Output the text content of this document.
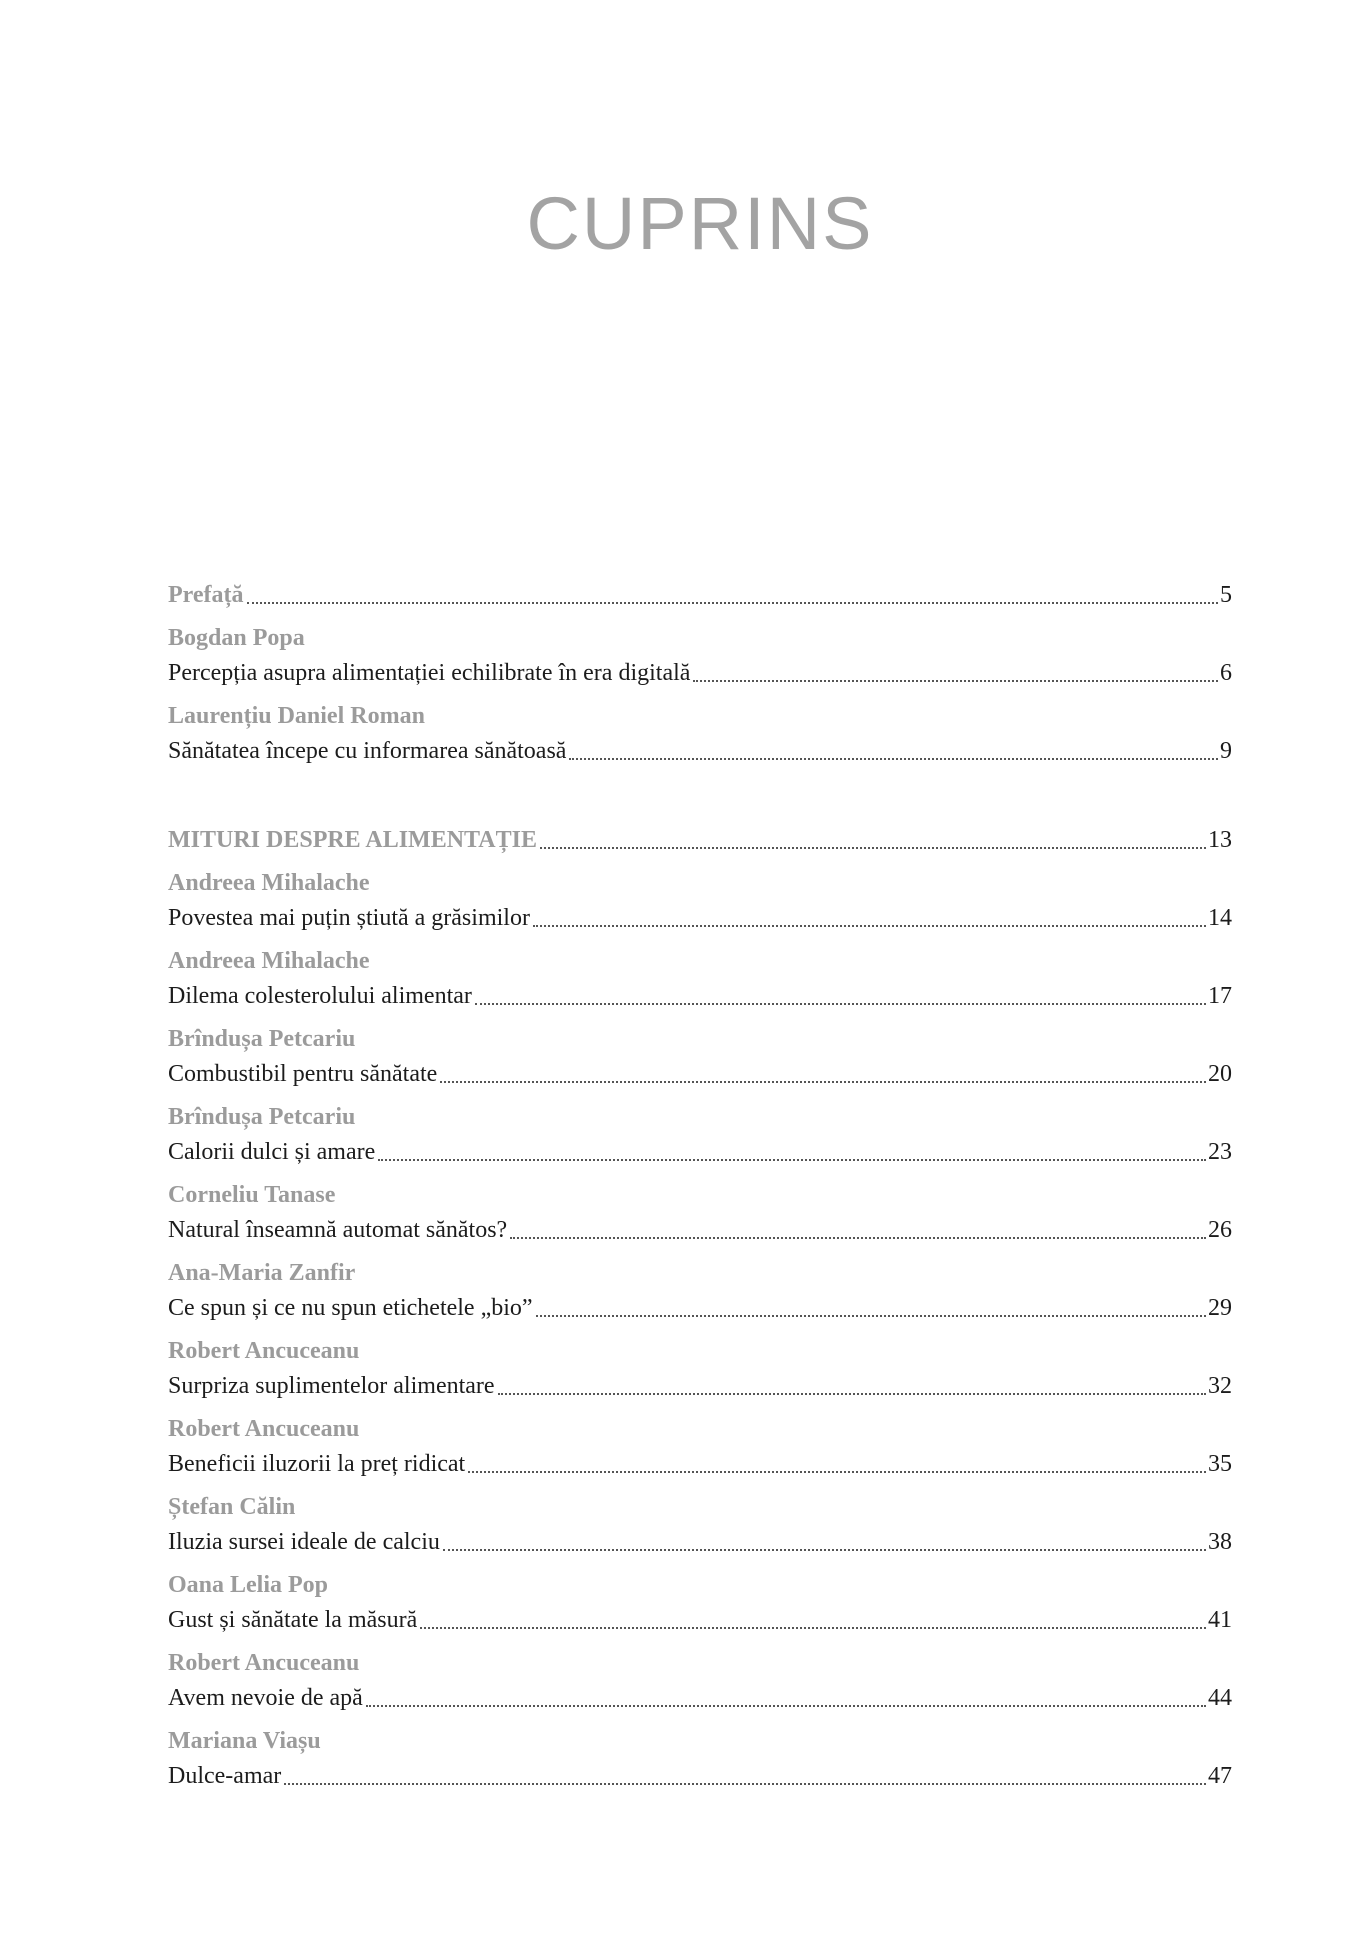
CUPRINS
Prefață	5
Bogdan Popa
Percepția asupra alimentației echilibrate în era digitală	6
Laurențiu Daniel Roman
Sănătatea începe cu informarea sănătoasă	9
MITURI DESPRE ALIMENTAȚIE	13
Andreea Mihalache
Povestea mai puțin știută a grăsimilor	14
Andreea Mihalache
Dilema colesterolului alimentar	17
Brîndușa Petcariu
Combustibil pentru sănătate	20
Brîndușa Petcariu
Calorii dulci și amare	23
Corneliu Tanase
Natural înseamnă automat sănătos?	26
Ana-Maria Zanfir
Ce spun și ce nu spun etichetele „bio”	29
Robert Ancuceanu
Surpriza suplimentelor alimentare	32
Robert Ancuceanu
Beneficii iluzorii la preț ridicat	35
Ștefan Călin
Iluzia sursei ideale de calciu	38
Oana Lelia Pop
Gust și sănătate la măsură	41
Robert Ancuceanu
Avem nevoie de apă	44
Mariana Viașu
Dulce-amar	47
